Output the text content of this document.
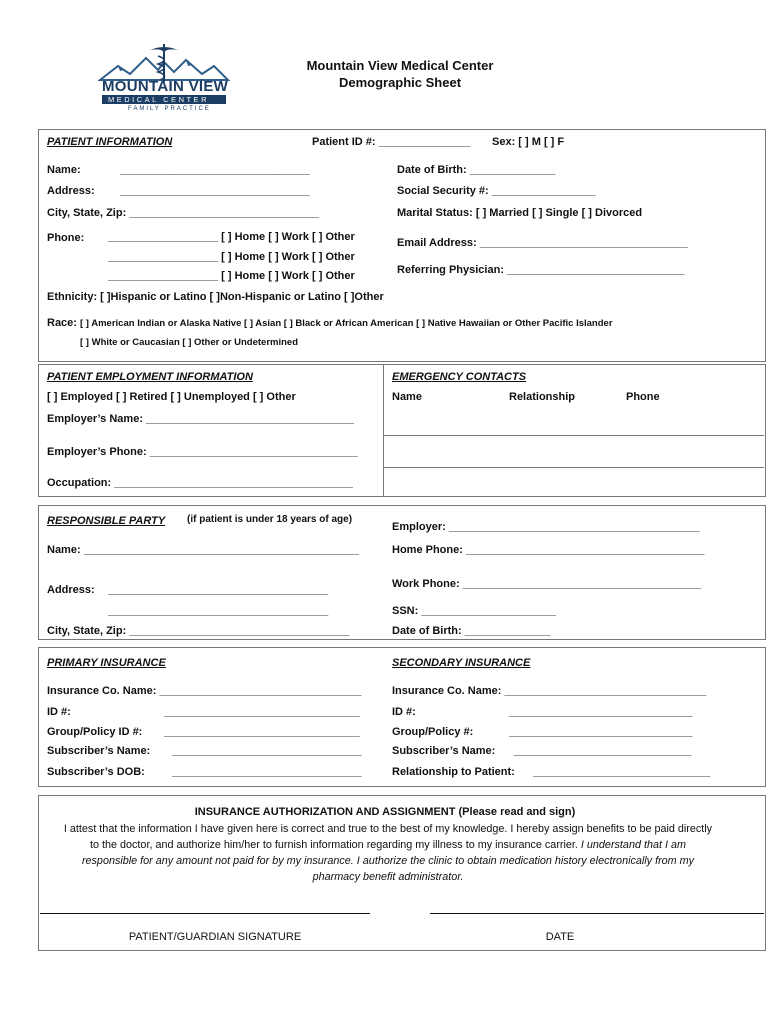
MOUNTAIN VIEW
MEDICAL CENTER
FAMILY PRACTICE
Mountain View Medical Center
Demographic Sheet
PATIENT INFORMATION	Patient ID #: _______________ Sex: [ ] M [ ] F
Name:	_______________________________	Date of Birth: ______________
Address: _______________________________	Social Security #: _________________
City, State, Zip: _______________________________	Marital Status: [ ] Married [ ] Single [ ] Divorced
Phone: __________________ [ ] Home [ ] Work [ ] Other
__________________ [ ] Home [ ] Work [ ] Other
__________________ [ ] Home [ ] Work [ ] Other
Email Address: __________________________________
Referring Physician: _____________________________
Ethnicity: [ ]Hispanic or Latino [ ]Non-Hispanic or Latino [ ]Other
Race: [ ] American Indian or Alaska Native [ ] Asian [ ] Black or African American [ ] Native Hawaiian or Other Pacific Islander
[ ] White or Caucasian [ ] Other or Undetermined
PATIENT EMPLOYMENT INFORMATION
[ ] Employed [ ] Retired [ ] Unemployed [ ] Other
Employer’s Name: __________________________________
Employer’s Phone: __________________________________
Occupation: _______________________________________
EMERGENCY CONTACTS
Name	Relationship	Phone
RESPONSIBLE PARTY (if patient is under 18 years of age)
Name: _____________________________________________
Address: ____________________________________
____________________________________
City, State, Zip: ____________________________________
Employer: _________________________________________
Home Phone: _______________________________________
Work Phone: _______________________________________
SSN: ______________________
Date of Birth: ______________
PRIMARY INSURANCE
Insurance Co. Name: _________________________________
ID #:	________________________________
Group/Policy ID #: ________________________________
Subscriber’s Name: _______________________________
Subscriber’s DOB: _______________________________
SECONDARY INSURANCE
Insurance Co. Name: _________________________________
ID #:	______________________________
Group/Policy #:	______________________________
Subscriber’s Name: _____________________________
Relationship to Patient: _____________________________
INSURANCE AUTHORIZATION AND ASSIGNMENT (Please read and sign)
I attest that the information I have given here is correct and true to the best of my knowledge. I hereby assign benefits to be paid directly
to the doctor, and authorize him/her to furnish information regarding my illness to my insurance carrier. I understand that I am
responsible for any amount not paid for by my insurance. I authorize the clinic to obtain medication history electronically from my
pharmacy benefit administrator.
PATIENT/GUARDIAN SIGNATURE	DATE
